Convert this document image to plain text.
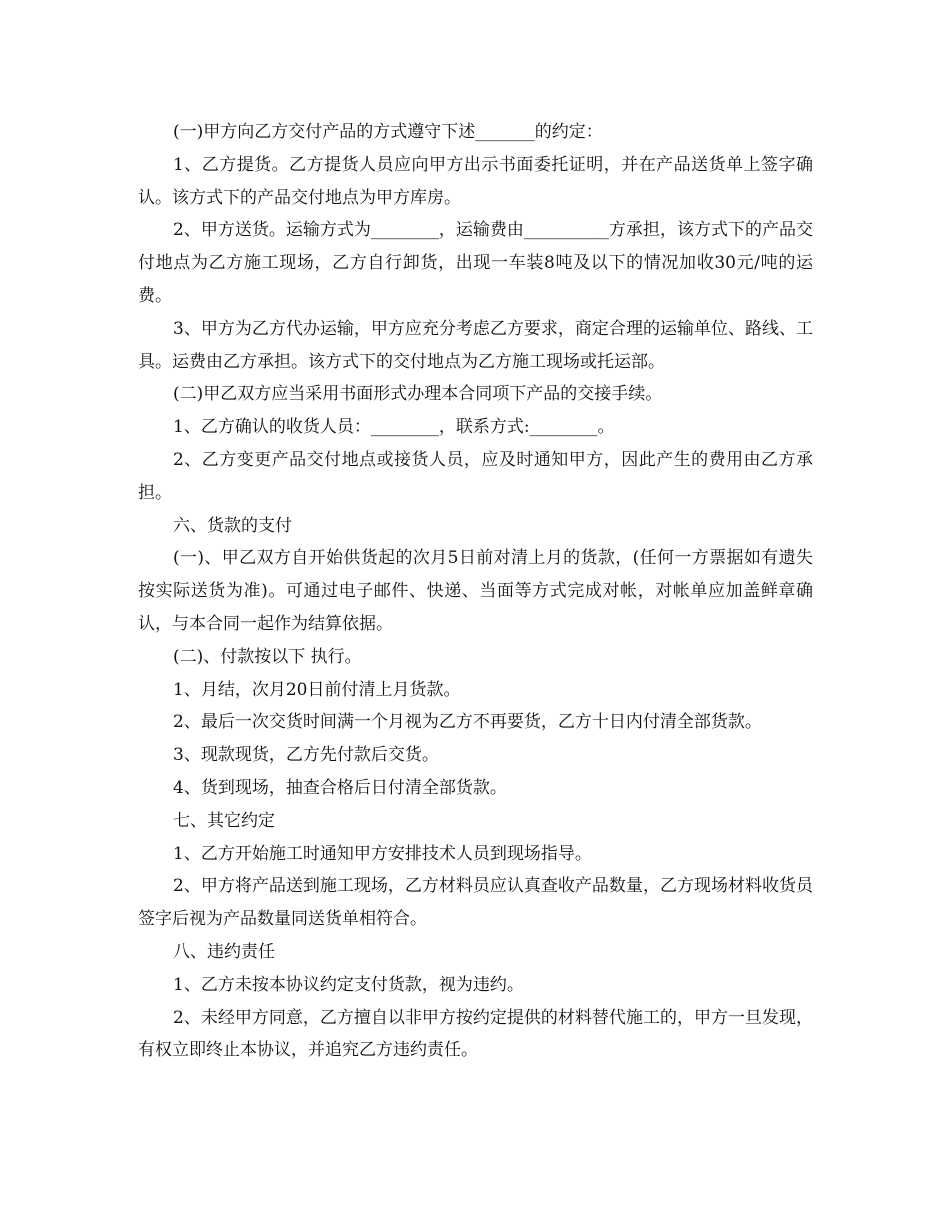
(一)甲方向乙方交付产品的方式遵守下述_______的约定：

1、乙方提货。乙方提货人员应向甲方出示书面委托证明，并在产品送货单上签字确认。该方式下的产品交付地点为甲方库房。

2、甲方送货。运输方式为________，运输费由__________方承担，该方式下的产品交付地点为乙方施工现场，乙方自行卸货，出现一车装8吨及以下的情况加收30元/吨的运费。

3、甲方为乙方代办运输，甲方应充分考虑乙方要求，商定合理的运输单位、路线、工具。运费由乙方承担。该方式下的交付地点为乙方施工现场或托运部。

(二)甲乙双方应当采用书面形式办理本合同项下产品的交接手续。

1、乙方确认的收货人员：________，联系方式:________。

2、乙方变更产品交付地点或接货人员，应及时通知甲方，因此产生的费用由乙方承担。

六、货款的支付

(一)、甲乙双方自开始供货起的次月5日前对清上月的货款，(任何一方票据如有遗失按实际送货为准)。可通过电子邮件、快递、当面等方式完成对帐，对帐单应加盖鲜章确认，与本合同一起作为结算依据。

(二)、付款按以下 执行。

1、月结，次月20日前付清上月货款。

2、最后一次交货时间满一个月视为乙方不再要货，乙方十日内付清全部货款。

3、现款现货，乙方先付款后交货。

4、货到现场，抽查合格后日付清全部货款。

七、其它约定

1、乙方开始施工时通知甲方安排技术人员到现场指导。

2、甲方将产品送到施工现场，乙方材料员应认真查收产品数量，乙方现场材料收货员签字后视为产品数量同送货单相符合。

八、违约责任

1、乙方未按本协议约定支付货款，视为违约。

2、未经甲方同意，乙方擅自以非甲方按约定提供的材料替代施工的，甲方一旦发现，有权立即终止本协议，并追究乙方违约责任。
